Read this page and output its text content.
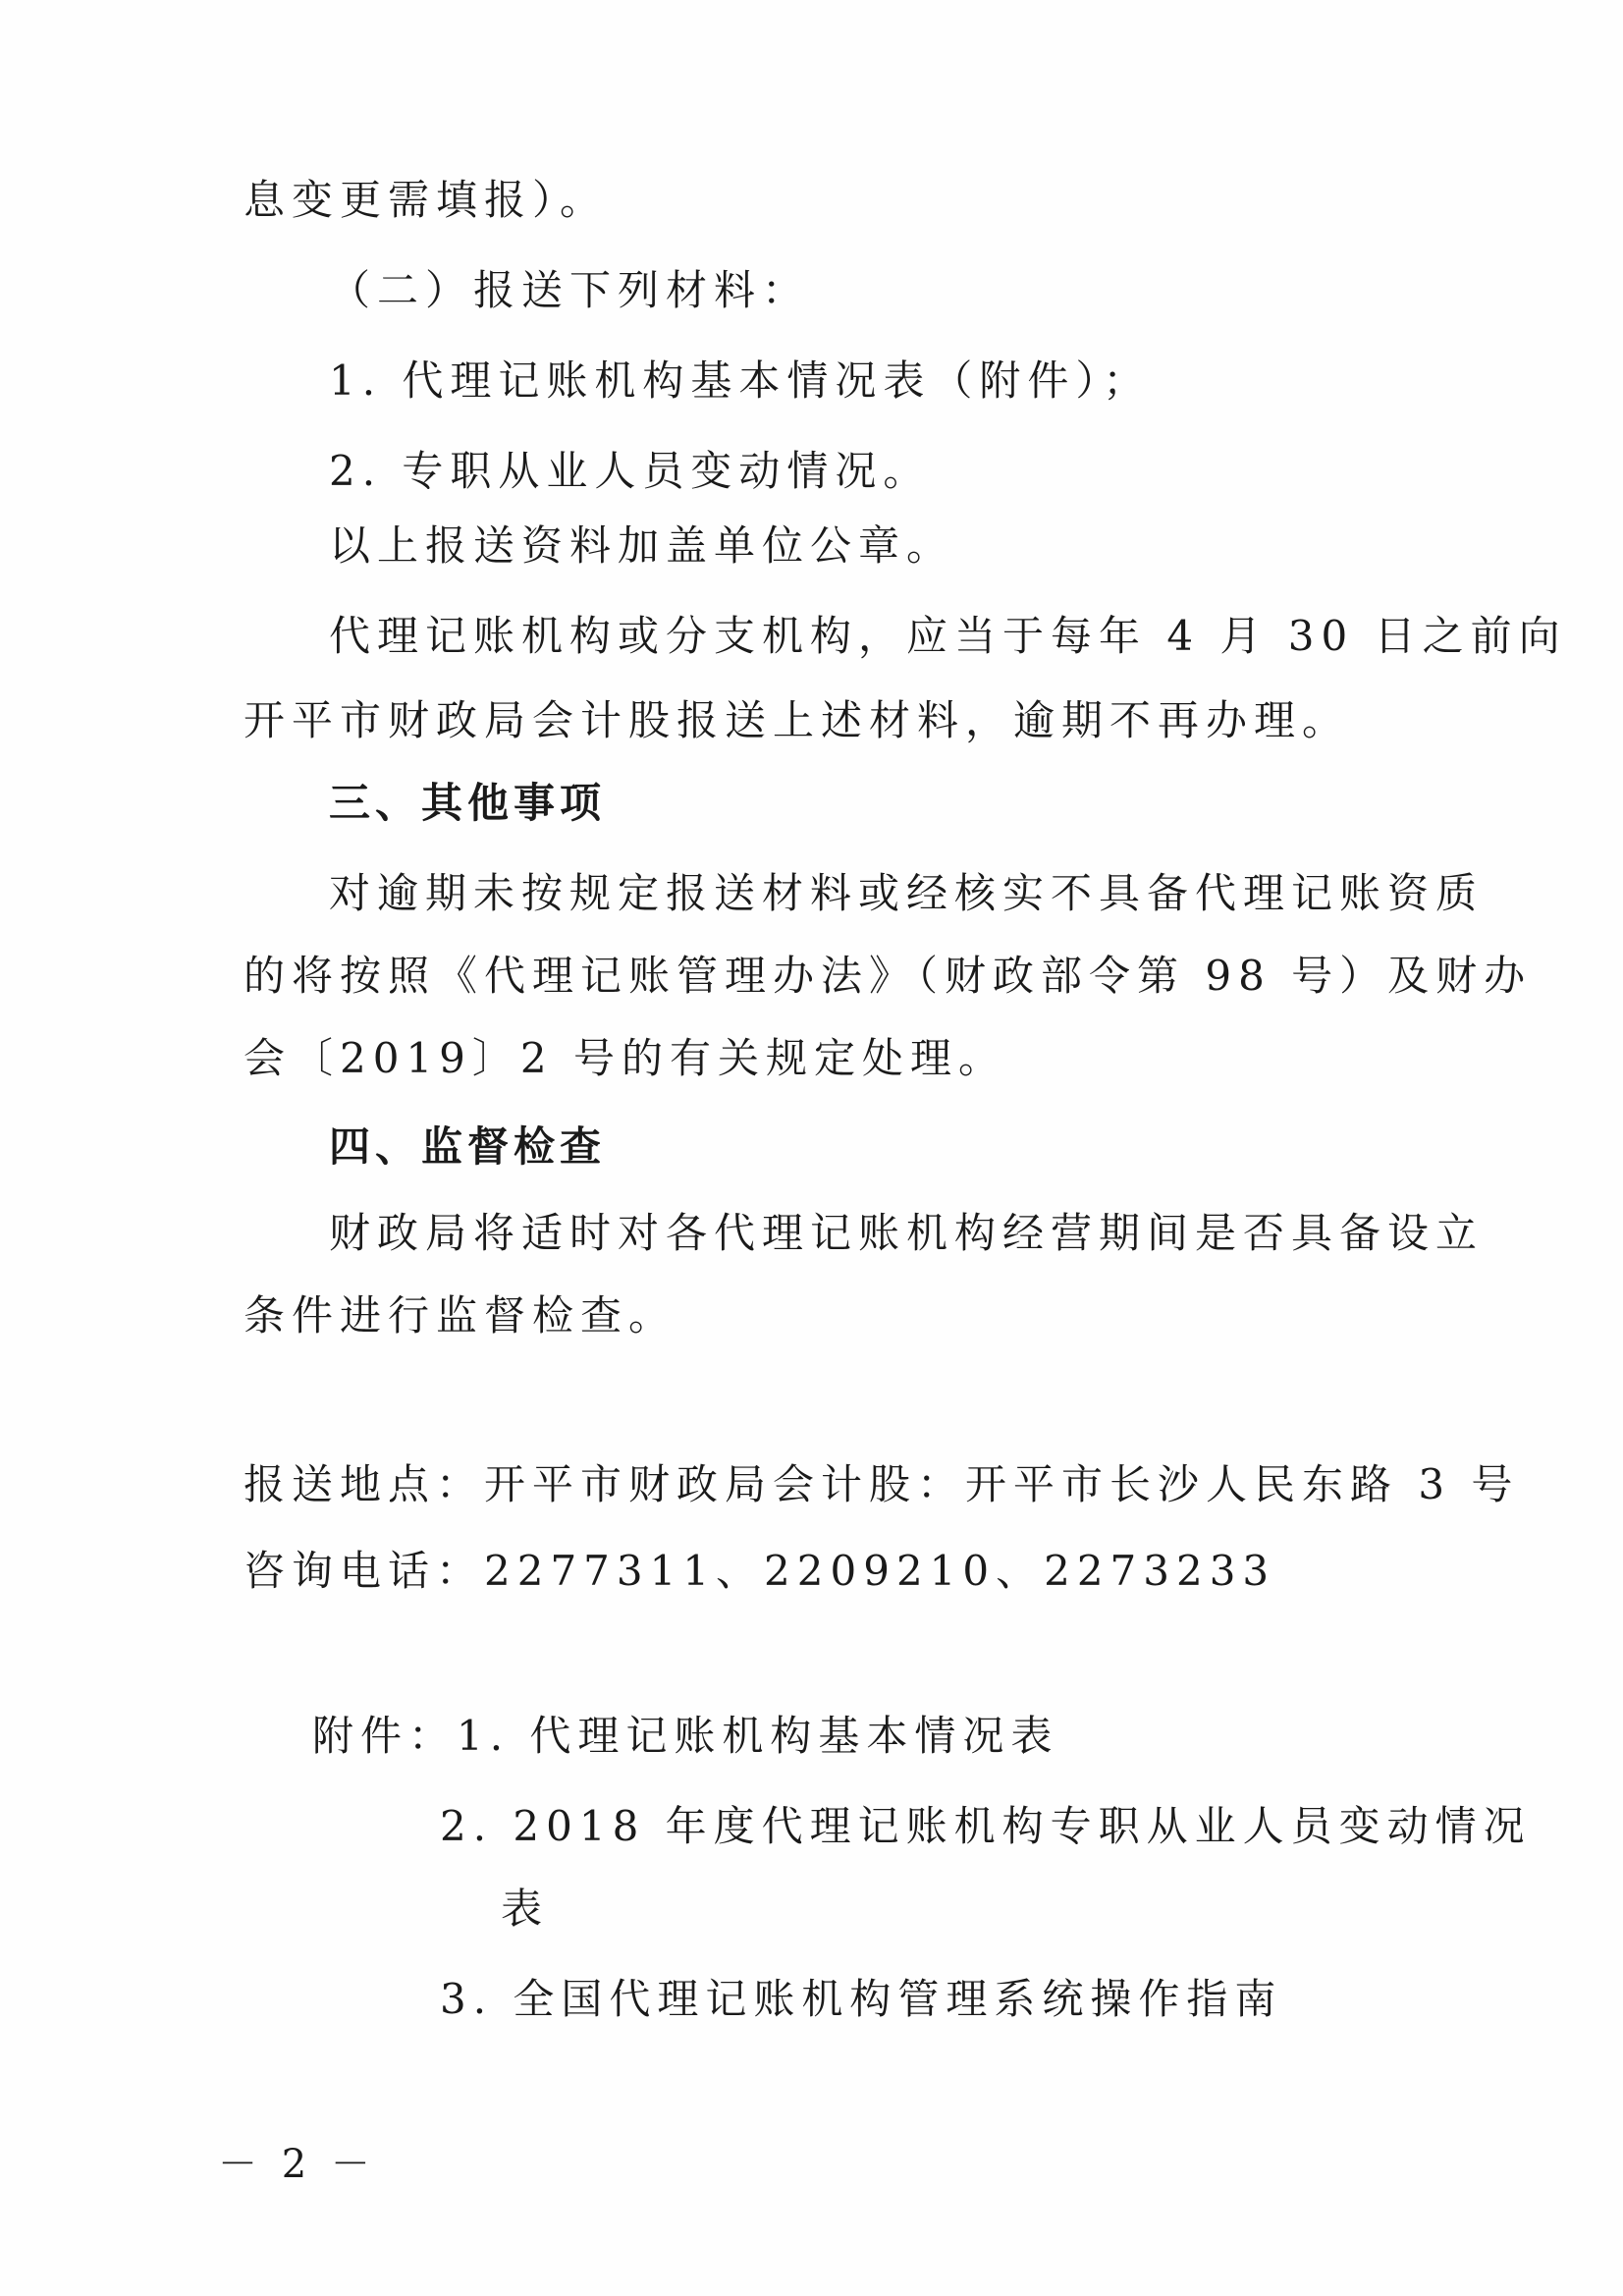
息变更需填报）。
（二）报送下列材料：
1. 代理记账机构基本情况表（附件）；
2. 专职从业人员变动情况。
以上报送资料加盖单位公章。
代理记账机构或分支机构，应当于每年 4 月 30 日之前向
开平市财政局会计股报送上述材料，逾期不再办理。
三、其他事项
对逾期未按规定报送材料或经核实不具备代理记账资质
的将按照《代理记账管理办法》（财政部令第 98 号）及财办
会〔2019〕2 号的有关规定处理。
四、监督检查
财政局将适时对各代理记账机构经营期间是否具备设立
条件进行监督检查。
报送地点：开平市财政局会计股：开平市长沙人民东路 3 号
咨询电话：2277311、2209210、2273233
附件：1. 代理记账机构基本情况表
2. 2018 年度代理记账机构专职从业人员变动情况
表
3. 全国代理记账机构管理系统操作指南
－ 2 －
